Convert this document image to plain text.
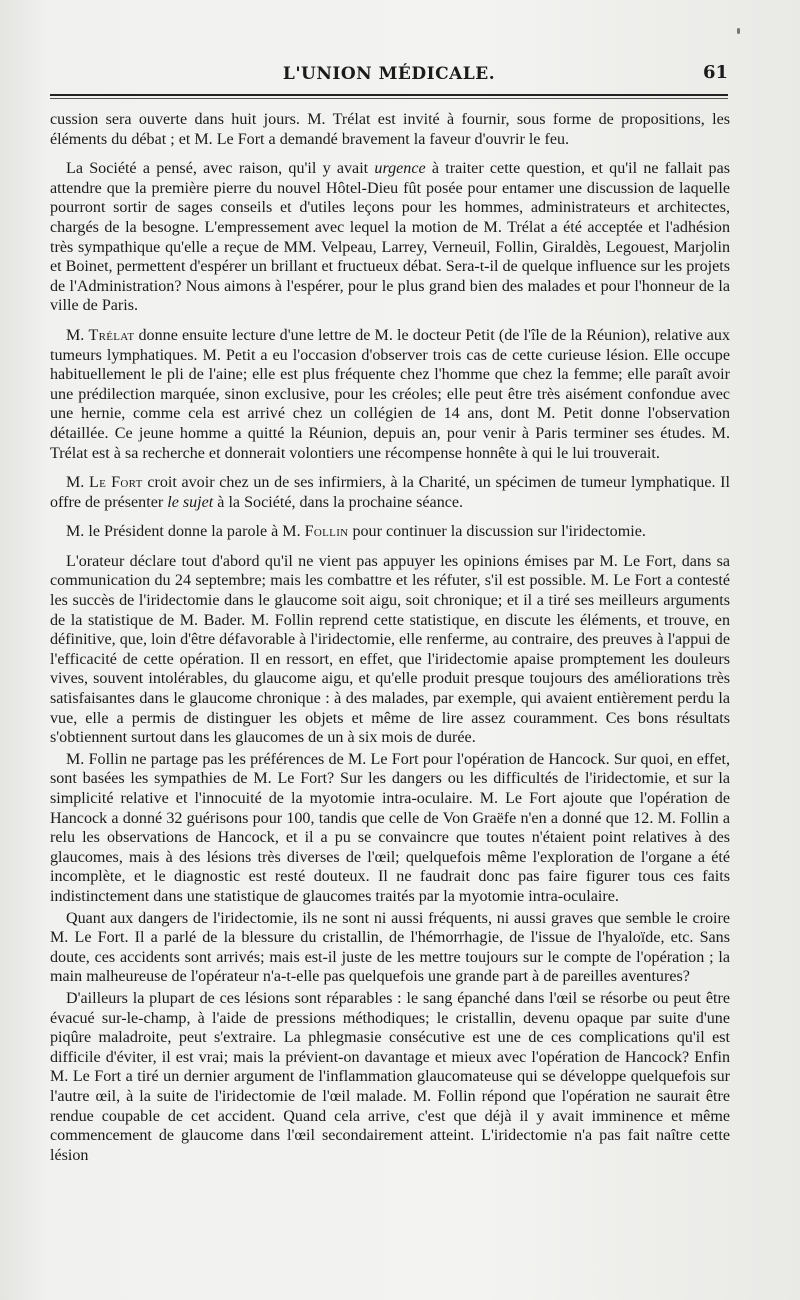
L'UNION MÉDICALE.	61

cussion sera ouverte dans huit jours. M. Trélat est invité à fournir, sous forme de propositions, les éléments du débat ; et M. Le Fort a demandé bravement la faveur d'ouvrir le feu.

La Société a pensé, avec raison, qu'il y avait urgence à traiter cette question, et qu'il ne fallait pas attendre que la première pierre du nouvel Hôtel-Dieu fût posée pour entamer une discussion de laquelle pourront sortir de sages conseils et d'utiles leçons pour les hommes, administrateurs et architectes, chargés de la besogne. L'empressement avec lequel la motion de M. Trélat a été acceptée et l'adhésion très sympathique qu'elle a reçue de MM. Velpeau, Larrey, Verneuil, Follin, Giraldès, Legouest, Marjolin et Boinet, permettent d'espérer un brillant et fructueux débat. Sera-t-il de quelque influence sur les projets de l'Administration? Nous aimons à l'espérer, pour le plus grand bien des malades et pour l'honneur de la ville de Paris.

M. Trélat donne ensuite lecture d'une lettre de M. le docteur Petit (de l'île de la Réunion), relative aux tumeurs lymphatiques. M. Petit a eu l'occasion d'observer trois cas de cette curieuse lésion. Elle occupe habituellement le pli de l'aine; elle est plus fréquente chez l'homme que chez la femme; elle paraît avoir une prédilection marquée, sinon exclusive, pour les créoles; elle peut être très aisément confondue avec une hernie, comme cela est arrivé chez un collégien de 14 ans, dont M. Petit donne l'observation détaillée. Ce jeune homme a quitté la Réunion, depuis an, pour venir à Paris terminer ses études. M. Trélat est à sa recherche et donnerait volontiers une récompense honnête à qui le lui trouverait.

M. Le Fort croit avoir chez un de ses infirmiers, à la Charité, un spécimen de tumeur lymphatique. Il offre de présenter le sujet à la Société, dans la prochaine séance.

M. le Président donne la parole à M. Follin pour continuer la discussion sur l'iridectomie.

L'orateur déclare tout d'abord qu'il ne vient pas appuyer les opinions émises par M. Le Fort, dans sa communication du 24 septembre; mais les combattre et les réfuter, s'il est possible. M. Le Fort a contesté les succès de l'iridectomie dans le glaucome soit aigu, soit chronique; et il a tiré ses meilleurs arguments de la statistique de M. Bader. M. Follin reprend cette statistique, en discute les éléments, et trouve, en définitive, que, loin d'être défavorable à l'iridectomie, elle renferme, au contraire, des preuves à l'appui de l'efficacité de cette opération. Il en ressort, en effet, que l'iridectomie apaise promptement les douleurs vives, souvent intolérables, du glaucome aigu, et qu'elle produit presque toujours des améliorations très satisfaisantes dans le glaucome chronique : à des malades, par exemple, qui avaient entièrement perdu la vue, elle a permis de distinguer les objets et même de lire assez couramment. Ces bons résultats s'obtiennent surtout dans les glaucomes de un à six mois de durée.

M. Follin ne partage pas les préférences de M. Le Fort pour l'opération de Hancock. Sur quoi, en effet, sont basées les sympathies de M. Le Fort? Sur les dangers ou les difficultés de l'iridectomie, et sur la simplicité relative et l'innocuité de la myotomie intra-oculaire. M. Le Fort ajoute que l'opération de Hancock a donné 32 guérisons pour 100, tandis que celle de Von Graëfe n'en a donné que 12. M. Follin a relu les observations de Hancock, et il a pu se convaincre que toutes n'étaient point relatives à des glaucomes, mais à des lésions très diverses de l'œil; quelquefois même l'exploration de l'organe a été incomplète, et le diagnostic est resté douteux. Il ne faudrait donc pas faire figurer tous ces faits indistinctement dans une statistique de glaucomes traités par la myotomie intra-oculaire.

Quant aux dangers de l'iridectomie, ils ne sont ni aussi fréquents, ni aussi graves que semble le croire M. Le Fort. Il a parlé de la blessure du cristallin, de l'hémorrhagie, de l'issue de l'hyaloïde, etc. Sans doute, ces accidents sont arrivés; mais est-il juste de les mettre toujours sur le compte de l'opération ; la main malheureuse de l'opérateur n'a-t-elle pas quelquefois une grande part à de pareilles aventures?

D'ailleurs la plupart de ces lésions sont réparables : le sang épanché dans l'œil se résorbe ou peut être évacué sur-le-champ, à l'aide de pressions méthodiques; le cristallin, devenu opaque par suite d'une piqûre maladroite, peut s'extraire. La phlegmasie consécutive est une de ces complications qu'il est difficile d'éviter, il est vrai; mais la prévient-on davantage et mieux avec l'opération de Hancock? Enfin M. Le Fort a tiré un dernier argument de l'inflammation glaucomateuse qui se développe quelquefois sur l'autre œil, à la suite de l'iridectomie de l'œil malade. M. Follin répond que l'opération ne saurait être rendue coupable de cet accident. Quand cela arrive, c'est que déjà il y avait imminence et même commencement de glaucome dans l'œil secondairement atteint. L'iridectomie n'a pas fait naître cette lésion
